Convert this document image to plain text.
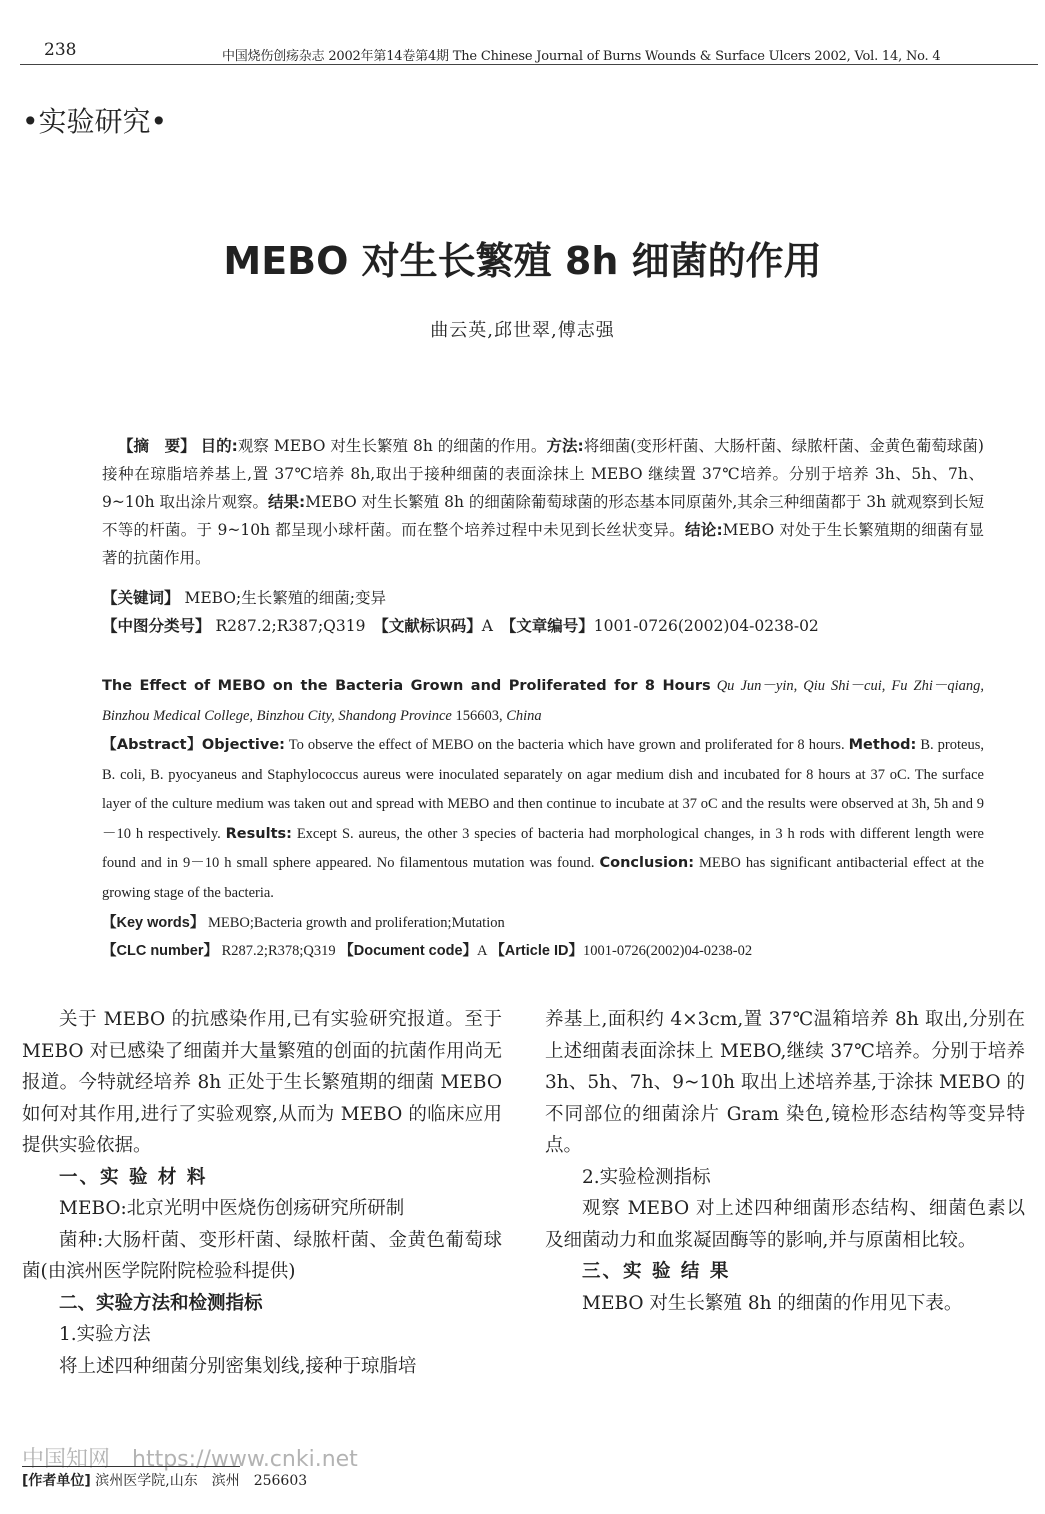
238	中国烧伤创疡杂志 2002年第14卷第4期 The Chinese Journal of Burns Wounds & Surface Ulcers 2002, Vol. 14, No. 4
•实验研究•
MEBO 对生长繁殖 8h 细菌的作用
曲云英,邱世翠,傅志强
【摘　要】 目的:观察 MEBO 对生长繁殖 8h 的细菌的作用。方法:将细菌(变形杆菌、大肠杆菌、绿脓杆菌、金黄色葡萄球菌)接种在琼脂培养基上,置 37℃培养 8h,取出于接种细菌的表面涂抹上 MEBO 继续置 37℃培养。分别于培养 3h、5h、7h、9~10h 取出涂片观察。结果:MEBO 对生长繁殖 8h 的细菌除葡萄球菌的形态基本同原菌外,其余三种细菌都于 3h 就观察到长短不等的杆菌。于 9~10h 都呈现小球杆菌。而在整个培养过程中未见到长丝状变异。结论:MEBO 对处于生长繁殖期的细菌有显著的抗菌作用。
【关键词】 MEBO;生长繁殖的细菌;变异
【中图分类号】 R287.2;R387;Q319　 【文献标识码】A　 【文章编号】1001-0726(2002)04-0238-02
The Effect of MEBO on the Bacteria Grown and Proliferated for 8 Hours Qu Jun－yin, Qiu Shi－cui, Fu Zhi－qiang, Binzhou Medical College, Binzhou City, Shandong Province 156603, China
【Abstract】Objective: To observe the effect of MEBO on the bacteria which have grown and proliferated for 8 hours. Method: B. proteus, B. coli, B. pyocyaneus and Staphylococcus aureus were inoculated separately on agar medium dish and incubated for 8 hours at 37 oC. The surface layer of the culture medium was taken out and spread with MEBO and then continue to incubate at 37 oC and the results were observed at 3h, 5h and 9－10 h respectively. Results: Except S. aureus, the other 3 species of bacteria had morphological changes, in 3 h rods with different length were found and in 9－10 h small sphere appeared. No filamentous mutation was found. Conclusion: MEBO has significant antibacterial effect at the growing stage of the bacteria.
【Key words】 MEBO;Bacteria growth and proliferation;Mutation
【CLC number】 R287.2;R378;Q319 【Document code】A 【Article ID】1001-0726(2002)04-0238-02
关于 MEBO 的抗感染作用,已有实验研究报道。至于 MEBO 对已感染了细菌并大量繁殖的创面的抗菌作用尚无报道。今特就经培养 8h 正处于生长繁殖期的细菌 MEBO 如何对其作用,进行了实验观察,从而为 MEBO 的临床应用提供实验依据。
一、实 验 材 料
MEBO:北京光明中医烧伤创疡研究所研制
菌种:大肠杆菌、变形杆菌、绿脓杆菌、金黄色葡萄球菌(由滨州医学院附院检验科提供)
二、实验方法和检测指标
1.实验方法
将上述四种细菌分别密集划线,接种于琼脂培
养基上,面积约 4×3cm,置 37℃温箱培养 8h 取出,分别在上述细菌表面涂抹上 MEBO,继续 37℃培养。分别于培养 3h、5h、7h、9~10h 取出上述培养基,于涂抹 MEBO 的不同部位的细菌涂片 Gram 染色,镜检形态结构等变异特点。
2.实验检测指标
观察 MEBO 对上述四种细菌形态结构、细菌色素以及细菌动力和血浆凝固酶等的影响,并与原菌相比较。
三、实 验 结 果
MEBO 对生长繁殖 8h 的细菌的作用见下表。
中国知网　https://www.cnki.net
[作者单位] 滨州医学院,山东　滨州　256603
